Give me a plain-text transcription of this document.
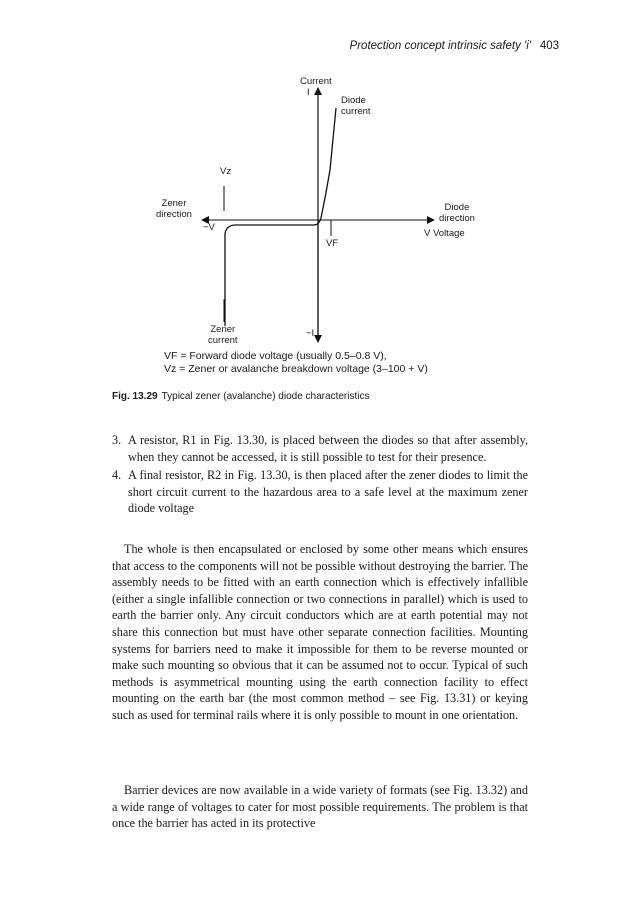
Protection concept intrinsic safety 'i' 403
Current
I
Diode
current
Vz
Zener
direction
−V
Diode
direction
V Voltage
VF
Zener
current
−I
VF = Forward diode voltage (usually 0.5–0.8 V),
Vz = Zener or avalanche breakdown voltage (3–100 + V)
Fig. 13.29 Typical zener (avalanche) diode characteristics
3. A resistor, R1 in Fig. 13.30, is placed between the diodes so that after assembly, when they cannot be accessed, it is still possible to test for their presence.
4. A final resistor, R2 in Fig. 13.30, is then placed after the zener diodes to limit the short circuit current to the hazardous area to a safe level at the maximum zener diode voltage

The whole is then encapsulated or enclosed by some other means which ensures that access to the components will not be possible without destroying the barrier. The assembly needs to be fitted with an earth connection which is effectively infallible (either a single infallible connection or two connections in parallel) which is used to earth the barrier only. Any circuit conductors which are at earth potential may not share this connection but must have other separate connection facilities. Mounting systems for barriers need to make it impossible for them to be reverse mounted or make such mounting so obvious that it can be assumed not to occur. Typical of such methods is asymmetrical mounting using the earth connection facility to effect mounting on the earth bar (the most common method – see Fig. 13.31) or keying such as used for terminal rails where it is only possible to mount in one orientation.

Barrier devices are now available in a wide variety of formats (see Fig. 13.32) and a wide range of voltages to cater for most possible requirements. The problem is that once the barrier has acted in its protective
